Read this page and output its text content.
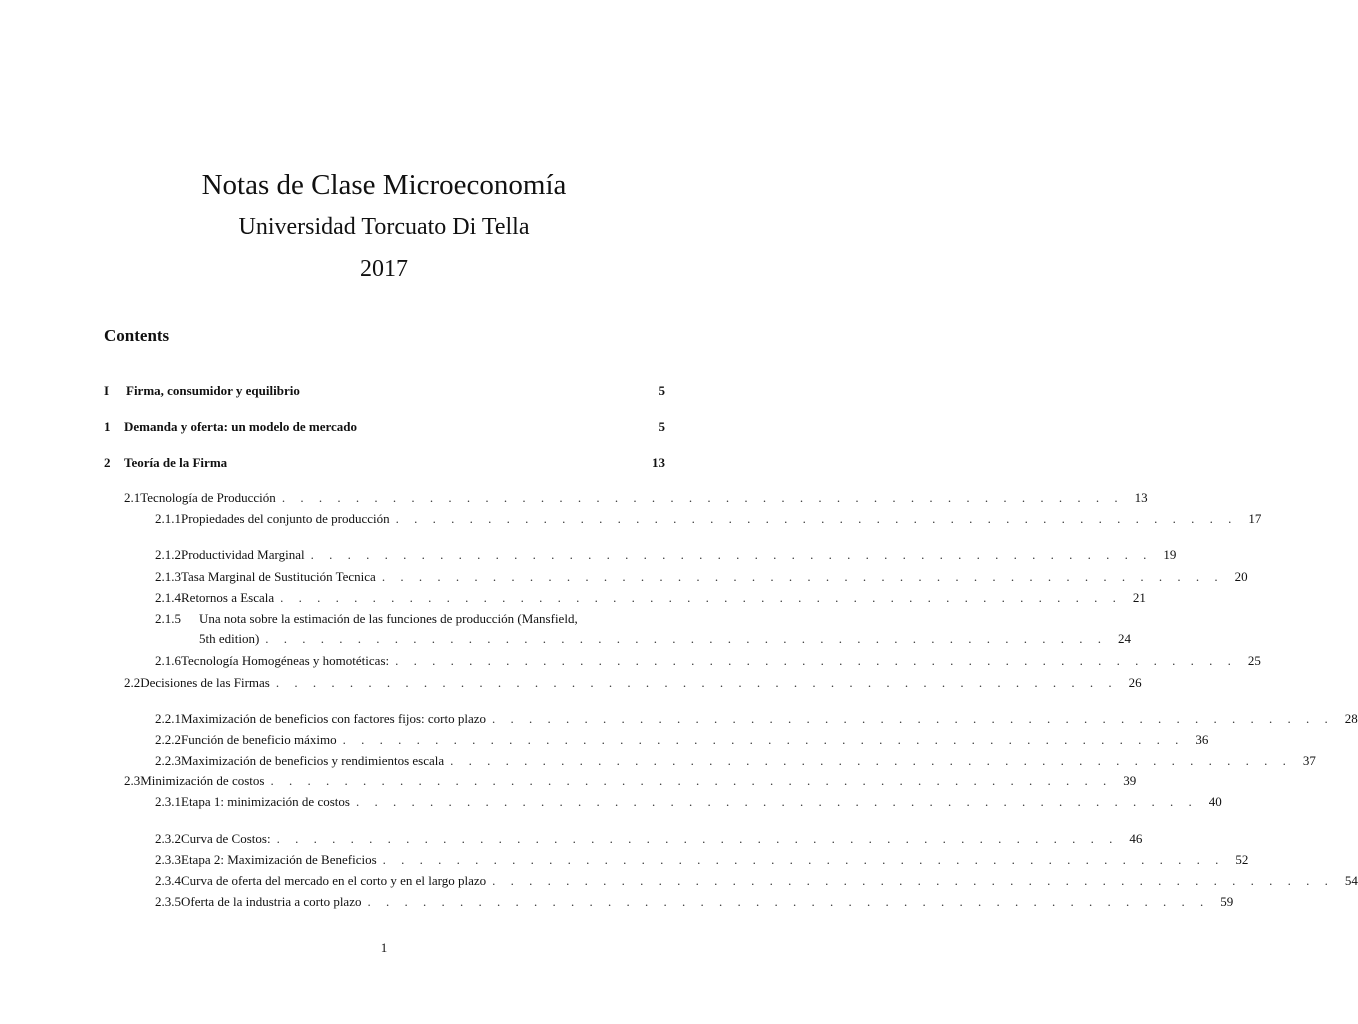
Notas de Clase Microeconomía
Universidad Torcuato Di Tella
2017
Contents
I	Firma, consumidor y equilibrio	5
1	Demanda y oferta: un modelo de mercado	5
2	Teoría de la Firma	13
2.1 Tecnología de Producción . . . . . . . . . . . . . . . . . . . . . . . . . . . . . . . . . . . . . . . . . . . . . . 13
2.1.1 Propiedades del conjunto de producción . . . . . . . . . . . . . . . . . . . . . . . . . . . . . . . . . . . . . . . . . . . . . . 17
2.1.2 Productividad Marginal . . . . . . . . . . . . . . . . . . . . . . . . . . . . . . . . . . . . . . . . . . . . . . 19
2.1.3 Tasa Marginal de Sustitución Tecnica . . . . . . . . . . . . . . . . . . . . . . . . . . . . . . . . . . . . . . . . . . . . . . 20
2.1.4 Retornos a Escala . . . . . . . . . . . . . . . . . . . . . . . . . . . . . . . . . . . . . . . . . . . . . . 21
2.1.5	Una nota sobre la estimación de las funciones de producción (Mansfield,
5th edition) . . . . . . . . . . . . . . . . . . . . . . . . . . . . . . . . . . . . . . . . . . . . . . 24
2.1.6 Tecnología Homogéneas y homotéticas: . . . . . . . . . . . . . . . . . . . . . . . . . . . . . . . . . . . . . . . . . . . . . . 25
2.2 Decisiones de las Firmas . . . . . . . . . . . . . . . . . . . . . . . . . . . . . . . . . . . . . . . . . . . . . . 26
2.2.1 Maximización de beneficios con factores fijos: corto plazo . . . . . . . . . . . . . . . . . . . . . . . . . . . . . . . . . . . . . . . . . . . . . . 28
2.2.2 Función de beneficio máximo . . . . . . . . . . . . . . . . . . . . . . . . . . . . . . . . . . . . . . . . . . . . . . 36
2.2.3 Maximización de beneficios y rendimientos escala . . . . . . . . . . . . . . . . . . . . . . . . . . . . . . . . . . . . . . . . . . . . . . 37
2.3 Minimización de costos . . . . . . . . . . . . . . . . . . . . . . . . . . . . . . . . . . . . . . . . . . . . . . 39
2.3.1 Etapa 1: minimización de costos . . . . . . . . . . . . . . . . . . . . . . . . . . . . . . . . . . . . . . . . . . . . . . 40
2.3.2 Curva de Costos: . . . . . . . . . . . . . . . . . . . . . . . . . . . . . . . . . . . . . . . . . . . . . . 46
2.3.3 Etapa 2: Maximización de Beneficios . . . . . . . . . . . . . . . . . . . . . . . . . . . . . . . . . . . . . . . . . . . . . . 52
2.3.4 Curva de oferta del mercado en el corto y en el largo plazo . . . . . . . . . . . . . . . . . . . . . . . . . . . . . . . . . . . . . . . . . . . . . . 54
2.3.5 Oferta de la industria a corto plazo . . . . . . . . . . . . . . . . . . . . . . . . . . . . . . . . . . . . . . . . . . . . . . 59
1
